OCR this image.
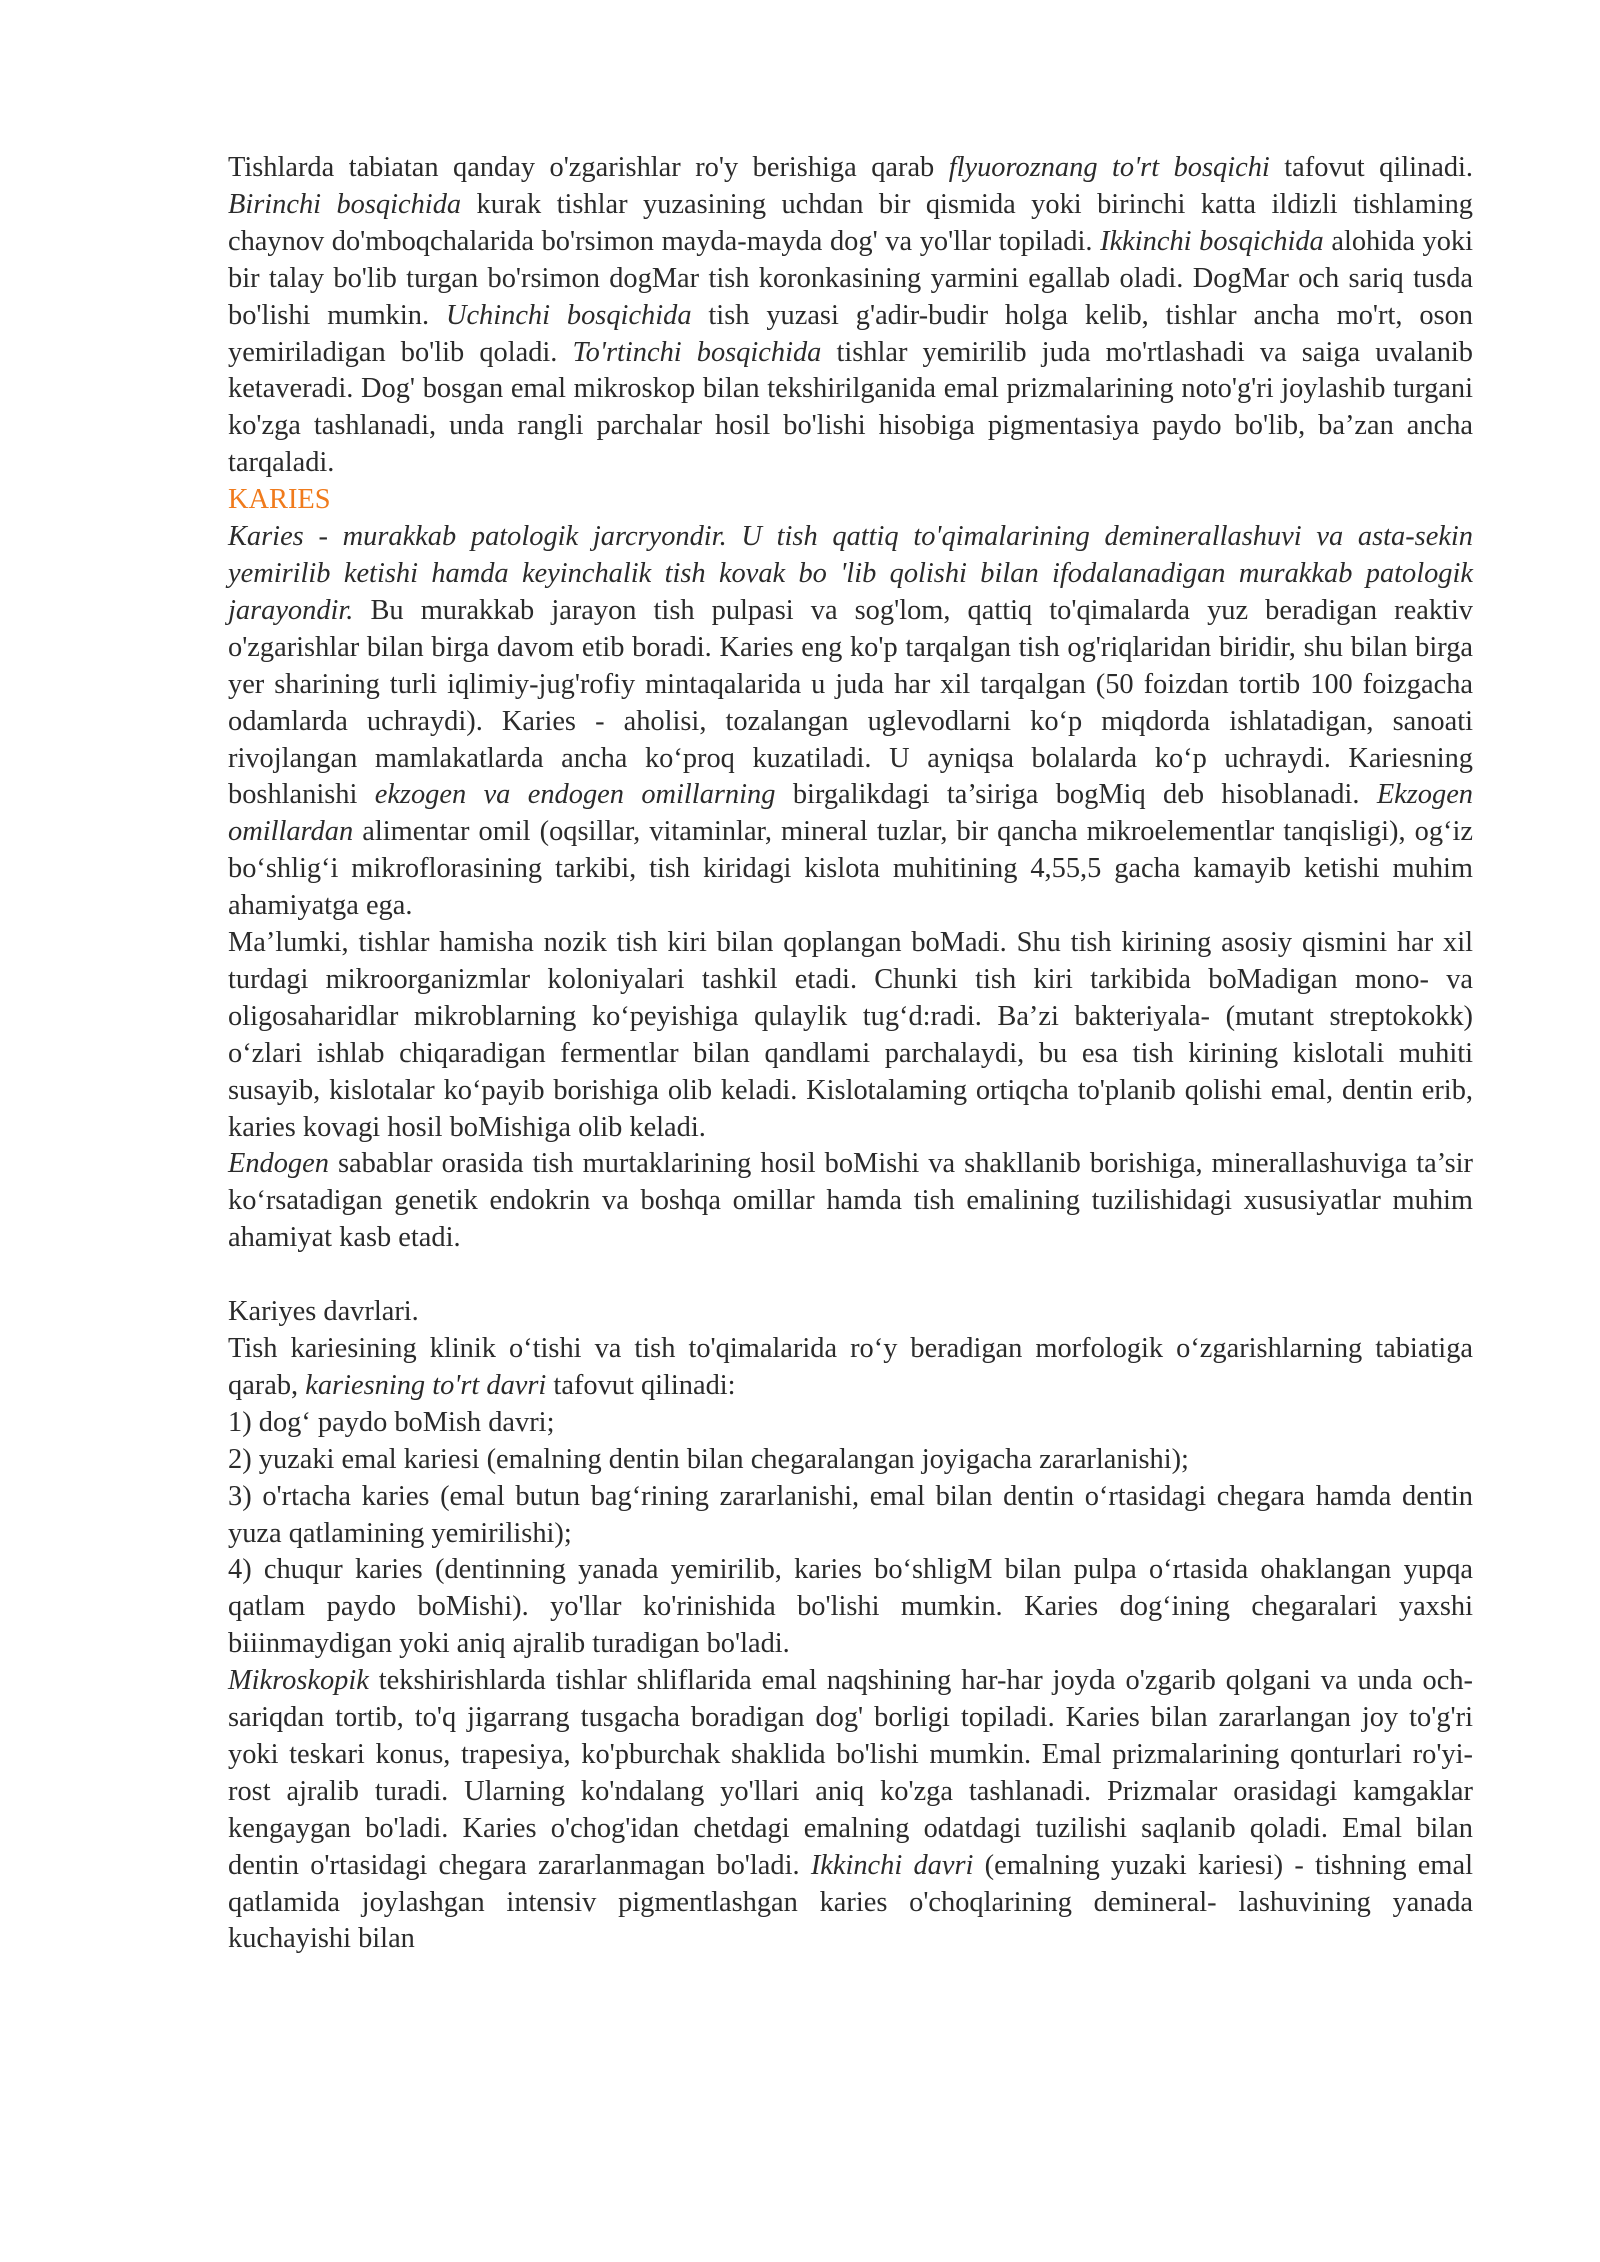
Tishlarda tabiatan qanday o'zgarishlar ro'y berishiga qarab flyuoroznang to'rt bosqichi tafovut qilinadi. Birinchi bosqichida kurak tishlar yuzasining uchdan bir qismida yoki birinchi katta ildizli tishlaming chaynov do'mboqchalarida bo'rsimon mayda-mayda dog' va yo'llar topiladi. Ikkinchi bosqichida alohida yoki bir talay bo'lib turgan bo'rsimon dogMar tish koronkasining yarmini egallab oladi. DogMar och sariq tusda bo'lishi mumkin. Uchinchi bosqichida tish yuzasi g'adir-budir holga kelib, tishlar ancha mo'rt, oson yemiriladigan bo'lib qoladi. To'rtinchi bosqichida tishlar yemirilib juda mo'rtlashadi va saiga uvalanib ketaveradi. Dog' bosgan emal mikroskop bilan tekshirilganida emal prizmalarining noto'g'ri joylashib turgani ko'zga tashlanadi, unda rangli parchalar hosil bo'lishi hisobiga pigmentasiya paydo bo'lib, ba’zan ancha tarqaladi.

KARIES

Karies - murakkab patologik jarcryondir. U tish qattiq to'qimalarining deminerallashuvi va asta-sekin yemirilib ketishi hamda keyinchalik tish kovak bo 'lib qolishi bilan ifodalanadigan murakkab patologik jarayondir. Bu murakkab jarayon tish pulpasi va sog'lom, qattiq to'qimalarda yuz beradigan reaktiv o'zgarishlar bilan birga davom etib boradi. Karies eng ko'p tarqalgan tish og'riqlaridan biridir, shu bilan birga yer sharining turli iqlimiy-jug'rofiy mintaqalarida u juda har xil tarqalgan (50 foizdan tortib 100 foizgacha odamlarda uchraydi). Karies - aholisi, tozalangan uglevodlarni ko‘p miqdorda ishlatadigan, sanoati rivojlangan mamlakatlarda ancha ko‘proq kuzatiladi. U ayniqsa bolalarda ko‘p uchraydi. Kariesning boshlanishi ekzogen va endogen omillarning birgalikdagi ta’siriga bogMiq deb hisoblanadi. Ekzogen omillardan alimentar omil (oqsillar, vitaminlar, mineral tuzlar, bir qancha mikroelementlar tanqisligi), og‘iz bo‘shlig‘i mikroflorasining tarkibi, tish kiridagi kislota muhitining 4,55,5 gacha kamayib ketishi muhim ahamiyatga ega.

Ma’lumki, tishlar hamisha nozik tish kiri bilan qoplangan boMadi. Shu tish kirining asosiy qismini har xil turdagi mikroorganizmlar koloniyalari tashkil etadi. Chunki tish kiri tarkibida boMadigan mono- va oligosaharidlar mikroblarning ko‘peyishiga qulaylik tug‘d:radi. Ba’zi bakteriyala- (mutant streptokokk) o‘zlari ishlab chiqaradigan fermentlar bilan qandlami parchalaydi, bu esa tish kirining kislotali muhiti susayib, kislotalar ko‘payib borishiga olib keladi. Kislotalaming ortiqcha to'planib qolishi emal, dentin erib, karies kovagi hosil boMishiga olib keladi.

Endogen sabablar orasida tish murtaklarining hosil boMishi va shakllanib borishiga, minerallashuviga ta’sir ko‘rsatadigan genetik endokrin va boshqa omillar hamda tish emalining tuzilishidagi xususiyatlar muhim ahamiyat kasb etadi.

Kariyes davrlari.

Tish kariesining klinik o‘tishi va tish to'qimalarida ro‘y beradigan morfologik o‘zgarishlarning tabiatiga qarab, kariesning to'rt davri tafovut qilinadi:

1) dog‘ paydo boMish davri;

2) yuzaki emal kariesi (emalning dentin bilan chegaralangan joyigacha zararlanishi);

3) o'rtacha karies (emal butun bag‘rining zararlanishi, emal bilan dentin o‘rtasidagi chegara hamda dentin yuza qatlamining yemirilishi);

4) chuqur karies (dentinning yanada yemirilib, karies bo‘shligM bilan pulpa o‘rtasida ohaklangan yupqa qatlam paydo boMishi). yo'llar ko'rinishida bo'lishi mumkin. Karies dog‘ining chegaralari yaxshi biiinmaydigan yoki aniq ajralib turadigan bo'ladi.

Mikroskopik tekshirishlarda tishlar shliflarida emal naqshining har-har joyda o'zgarib qolgani va unda och-sariqdan tortib, to'q jigarrang tusgacha boradigan dog' borligi topiladi. Karies bilan zararlangan joy to'g'ri yoki teskari konus, trapesiya, ko'pburchak shaklida bo'lishi mumkin. Emal prizmalarining qonturlari ro'yi-rost ajralib turadi. Ularning ko'ndalang yo'llari aniq ko'zga tashlanadi. Prizmalar orasidagi kamgaklar kengaygan bo'ladi. Karies o'chog'idan chetdagi emalning odatdagi tuzilishi saqlanib qoladi. Emal bilan dentin o'rtasidagi chegara zararlanmagan bo'ladi. Ikkinchi davri (emalning yuzaki kariesi) - tishning emal qatlamida joylashgan intensiv pigmentlashgan karies o'choqlarining demineral- lashuvining yanada kuchayishi bilan
